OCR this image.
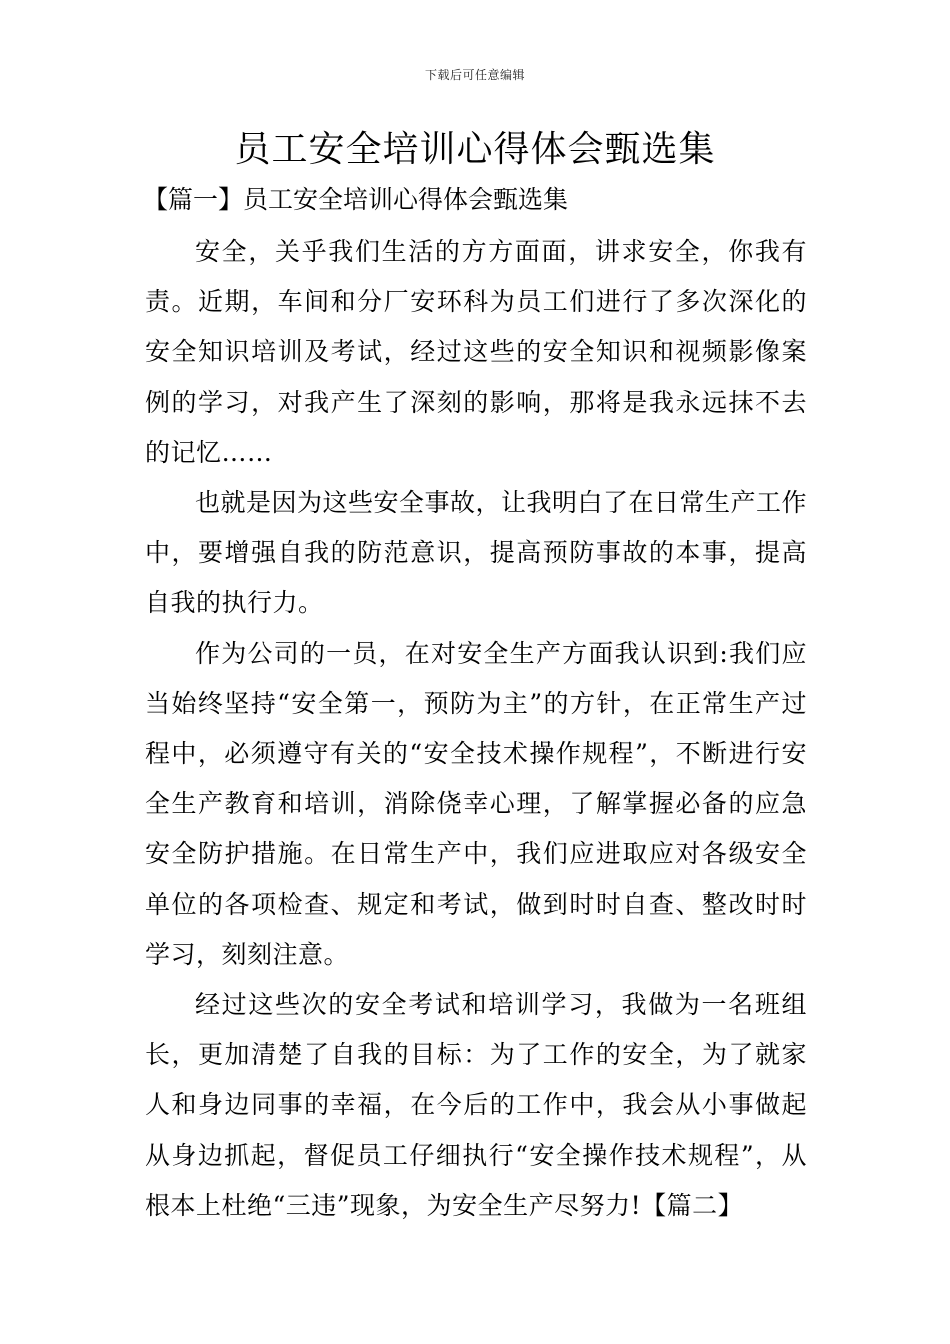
下载后可任意编辑
员工安全培训心得体会甄选集
【篇一】员工安全培训心得体会甄选集

安全，关乎我们生活的方方面面，讲求安全，你我有责。近期，车间和分厂安环科为员工们进行了多次深化的安全知识培训及考试，经过这些的安全知识和视频影像案例的学习，对我产生了深刻的影响，那将是我永远抹不去的记忆……

也就是因为这些安全事故，让我明白了在日常生产工作中，要增强自我的防范意识，提高预防事故的本事，提高自我的执行力。

作为公司的一员，在对安全生产方面我认识到:我们应当始终坚持“安全第一，预防为主”的方针，在正常生产过程中，必须遵守有关的“安全技术操作规程”，不断进行安全生产教育和培训，消除侥幸心理，了解掌握必备的应急安全防护措施。在日常生产中，我们应进取应对各级安全单位的各项检查、规定和考试，做到时时自查、整改时时学习，刻刻注意。

经过这些次的安全考试和培训学习，我做为一名班组长，更加清楚了自我的目标：为了工作的安全，为了就家人和身边同事的幸福，在今后的工作中，我会从小事做起从身边抓起，督促员工仔细执行“安全操作技术规程”，从根本上杜绝“三违”现象，为安全生产尽努力!【篇二】
